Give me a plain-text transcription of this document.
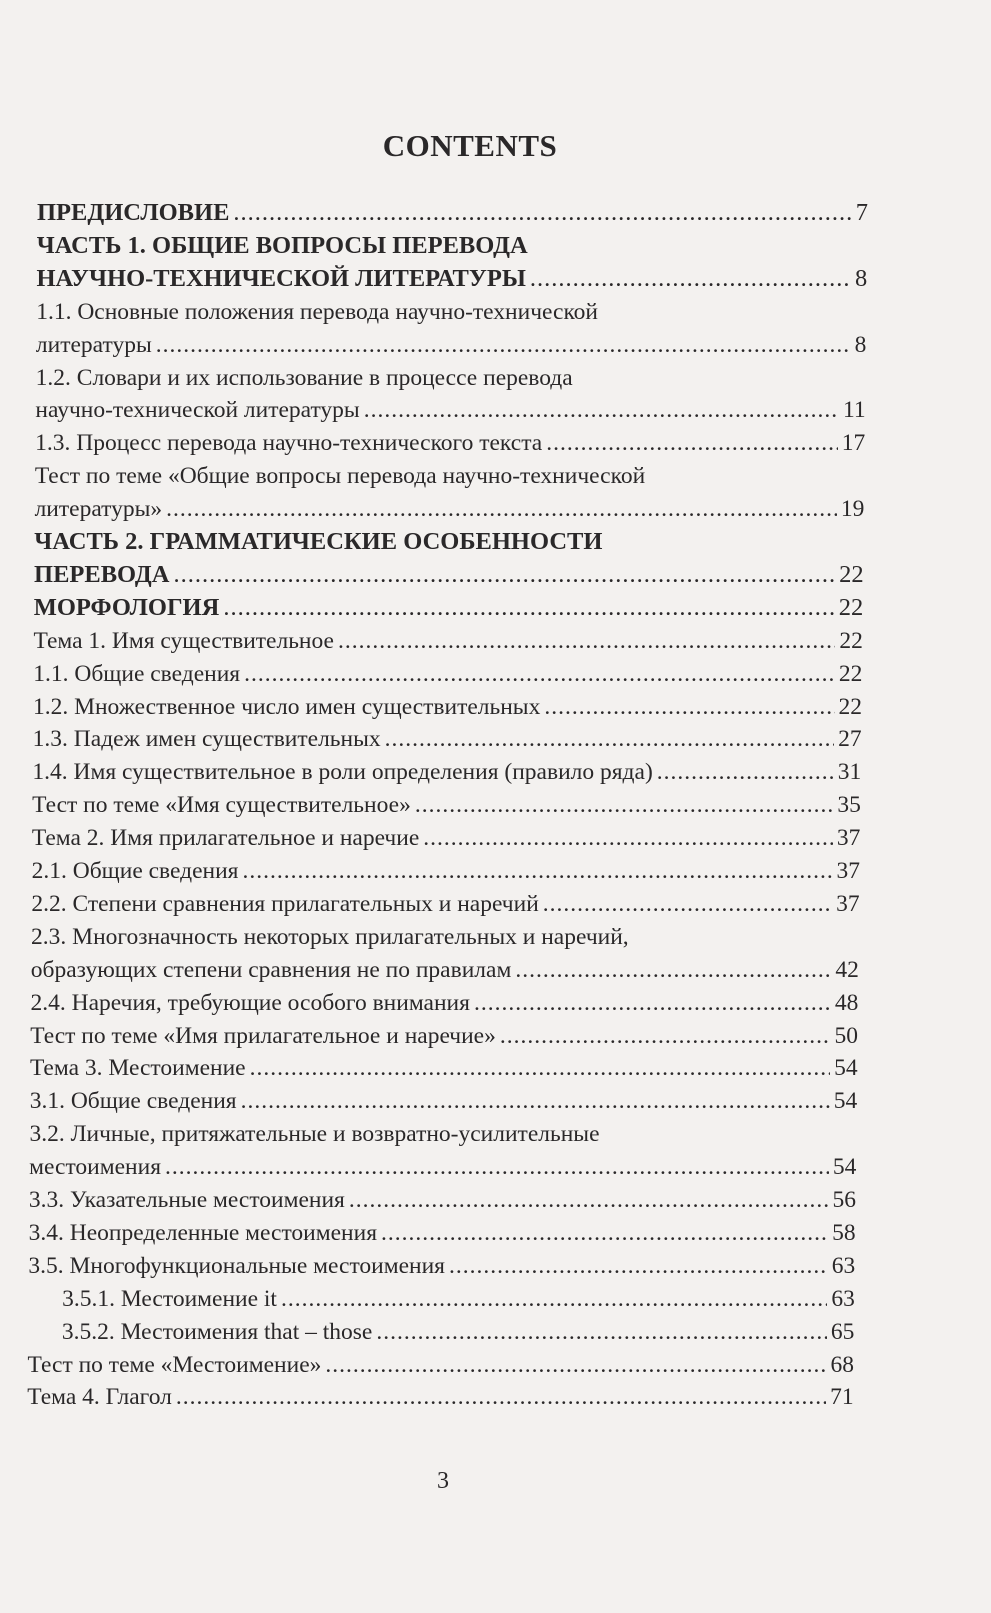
CONTENTS
ПРЕДИСЛОВИЕ .....	7
ЧАСТЬ 1. ОБЩИЕ ВОПРОСЫ ПЕРЕВОДА
НАУЧНО-ТЕХНИЧЕСКОЙ ЛИТЕРАТУРЫ .....	8
1.1. Основные положения перевода научно-технической
литературы .....	8
1.2. Словари и их использование в процессе перевода
научно-технической литературы .....	11
1.3. Процесс перевода научно-технического текста .....	17
Тест по теме «Общие вопросы перевода научно-технической
литературы» .....	19
ЧАСТЬ 2. ГРАММАТИЧЕСКИЕ ОСОБЕННОСТИ
ПЕРЕВОДА .....	22
МОРФОЛОГИЯ .....	22
Тема 1. Имя существительное .....	22
1.1. Общие сведения .....	22
1.2. Множественное число имен существительных .....	22
1.3. Падеж имен существительных .....	27
1.4. Имя существительное в роли определения (правило ряда) .....	31
Тест по теме «Имя существительное» .....	35
Тема 2. Имя прилагательное и наречие .....	37
2.1. Общие сведения .....	37
2.2. Степени сравнения прилагательных и наречий .....	37
2.3. Многозначность некоторых прилагательных и наречий,
образующих степени сравнения не по правилам .....	42
2.4. Наречия, требующие особого внимания .....	48
Тест по теме «Имя прилагательное и наречие» .....	50
Тема 3. Местоимение .....	54
3.1. Общие сведения .....	54
3.2. Личные, притяжательные и возвратно-усилительные
местоимения .....	54
3.3. Указательные местоимения .....	56
3.4. Неопределенные местоимения .....	58
3.5. Многофункциональные местоимения .....	63
3.5.1. Местоимение it .....	63
3.5.2. Местоимения that – those .....	65
Тест по теме «Местоимение» .....	68
Тема 4. Глагол .....	71
3
